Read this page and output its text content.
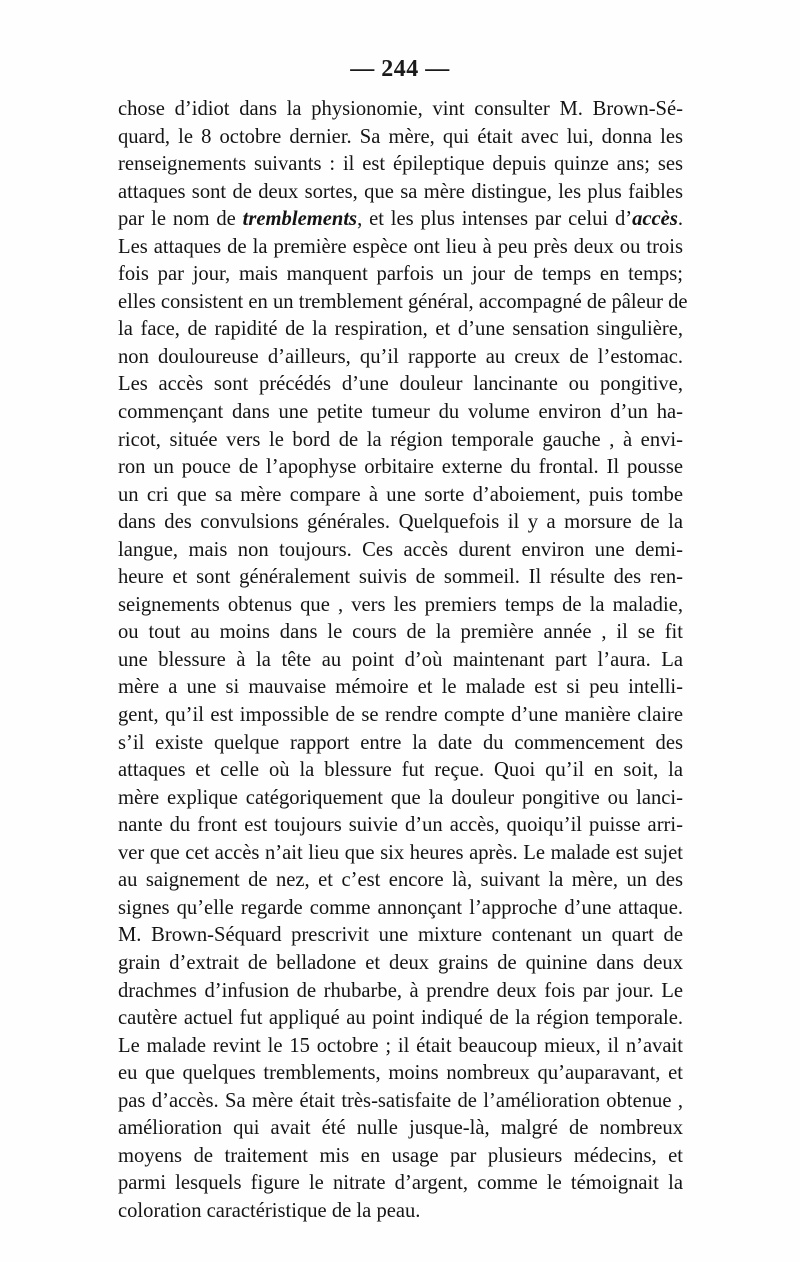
— 244 —
chose d’idiot dans la physionomie, vint consulter M. Brown-Sé-
quard, le 8 octobre dernier. Sa mère, qui était avec lui, donna les
renseignements suivants : il est épileptique depuis quinze ans; ses
attaques sont de deux sortes, que sa mère distingue, les plus faibles
par le nom de tremblements, et les plus intenses par celui d’accès.
Les attaques de la première espèce ont lieu à peu près deux ou trois
fois par jour, mais manquent parfois un jour de temps en temps;
elles consistent en un tremblement général, accompagné de pâleur de
la face, de rapidité de la respiration, et d’une sensation singulière,
non douloureuse d’ailleurs, qu’il rapporte au creux de l’estomac.
Les accès sont précédés d’une douleur lancinante ou pongitive,
commençant dans une petite tumeur du volume environ d’un ha-
ricot, située vers le bord de la région temporale gauche , à envi-
ron un pouce de l’apophyse orbitaire externe du frontal. Il pousse
un cri que sa mère compare à une sorte d’aboiement, puis tombe
dans des convulsions générales. Quelquefois il y a morsure de la
langue, mais non toujours. Ces accès durent environ une demi-
heure et sont généralement suivis de sommeil. Il résulte des ren-
seignements obtenus que , vers les premiers temps de la maladie,
ou tout au moins dans le cours de la première année , il se fit
une blessure à la tête au point d’où maintenant part l’aura. La
mère a une si mauvaise mémoire et le malade est si peu intelli-
gent, qu’il est impossible de se rendre compte d’une manière claire
s’il existe quelque rapport entre la date du commencement des
attaques et celle où la blessure fut reçue. Quoi qu’il en soit, la
mère explique catégoriquement que la douleur pongitive ou lanci-
nante du front est toujours suivie d’un accès, quoiqu’il puisse arri-
ver que cet accès n’ait lieu que six heures après. Le malade est sujet
au saignement de nez, et c’est encore là, suivant la mère, un des
signes qu’elle regarde comme annonçant l’approche d’une attaque.
M. Brown-Séquard prescrivit une mixture contenant un quart de
grain d’extrait de belladone et deux grains de quinine dans deux
drachmes d’infusion de rhubarbe, à prendre deux fois par jour. Le
cautère actuel fut appliqué au point indiqué de la région temporale.
Le malade revint le 15 octobre ; il était beaucoup mieux, il n’avait
eu que quelques tremblements, moins nombreux qu’auparavant, et
pas d’accès. Sa mère était très-satisfaite de l’amélioration obtenue ,
amélioration qui avait été nulle jusque-là, malgré de nombreux
moyens de traitement mis en usage par plusieurs médecins, et
parmi lesquels figure le nitrate d’argent, comme le témoignait la
coloration caractéristique de la peau.
